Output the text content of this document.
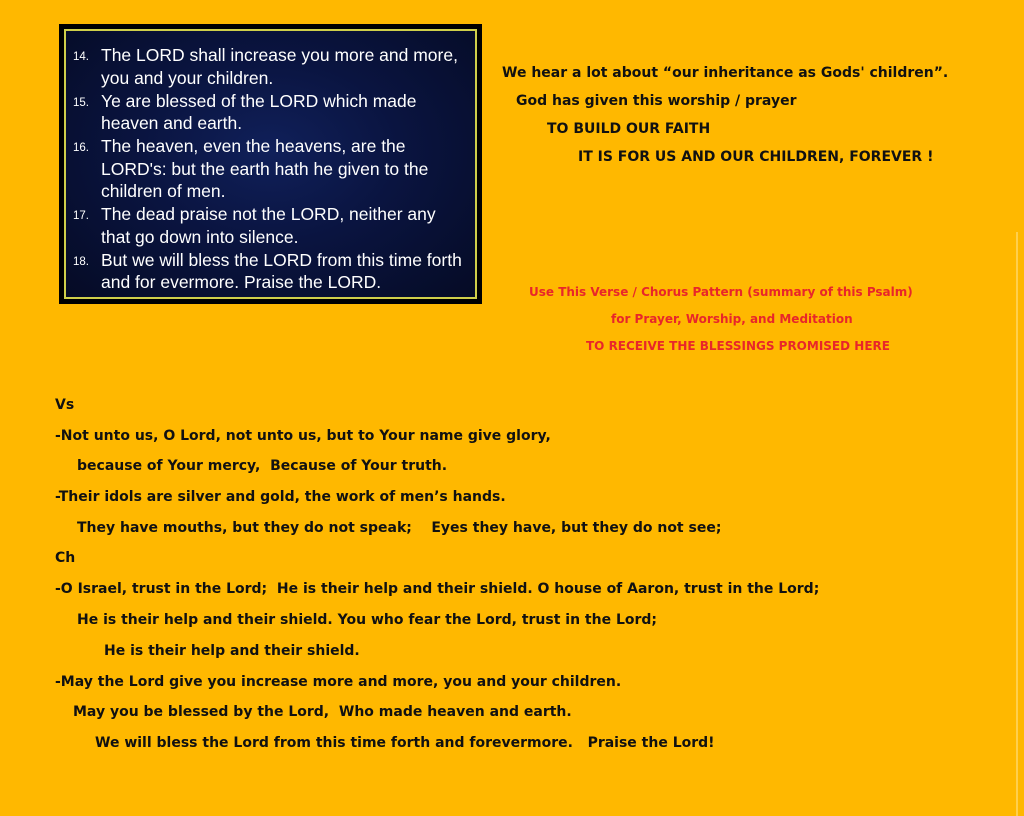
14. The LORD shall increase you more and more, you and your children.
15. Ye are blessed of the LORD which made heaven and earth.
16. The heaven, even the heavens, are the LORD's: but the earth hath he given to the children of men.
17. The dead praise not the LORD, neither any that go down into silence.
18. But we will bless the LORD from this time forth and for evermore. Praise the LORD.
We hear a lot about “our inheritance as Gods' children”.
God has given this worship / prayer
TO BUILD OUR FAITH
IT IS FOR US AND OUR CHILDREN, FOREVER !
Use This Verse / Chorus Pattern (summary of this Psalm)
for Prayer, Worship, and Meditation
TO RECEIVE THE BLESSINGS PROMISED HERE
Vs
-Not unto us, O Lord, not unto us, but to Your name give glory,
because of Your mercy,  Because of Your truth.
-Their idols are silver and gold, the work of men’s hands.
They have mouths, but they do not speak;    Eyes they have, but they do not see;
Ch
-O Israel, trust in the Lord;  He is their help and their shield. O house of Aaron, trust in the Lord;
He is their help and their shield. You who fear the Lord, trust in the Lord;
He is their help and their shield.
-May the Lord give you increase more and more, you and your children.
May you be blessed by the Lord,  Who made heaven and earth.
We will bless the Lord from this time forth and forevermore.   Praise the Lord!
